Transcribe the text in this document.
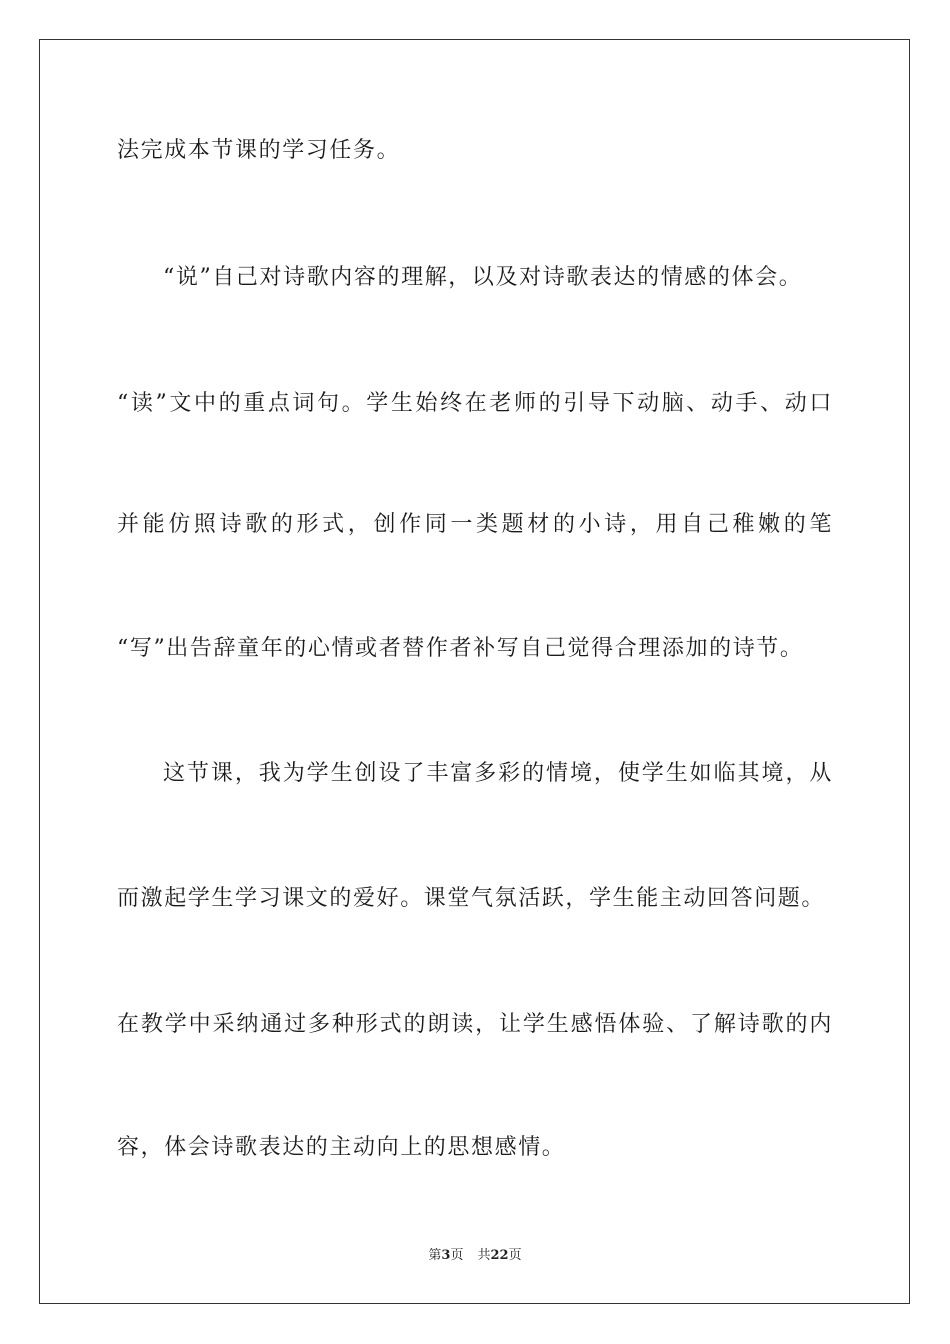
法完成本节课的学习任务。
“说”自己对诗歌内容的理解，以及对诗歌表达的情感的体会。
“读”文中的重点词句。学生始终在老师的引导下动脑、动手、动口
并能仿照诗歌的形式，创作同一类题材的小诗，用自己稚嫩的笔
“写”出告辞童年的心情或者替作者补写自己觉得合理添加的诗节。
这节课，我为学生创设了丰富多彩的情境，使学生如临其境，从
而激起学生学习课文的爱好。课堂气氛活跃，学生能主动回答问题。
在教学中采纳通过多种形式的朗读，让学生感悟体验、了解诗歌的内
容，体会诗歌表达的主动向上的思想感情。
第3页 共22页
